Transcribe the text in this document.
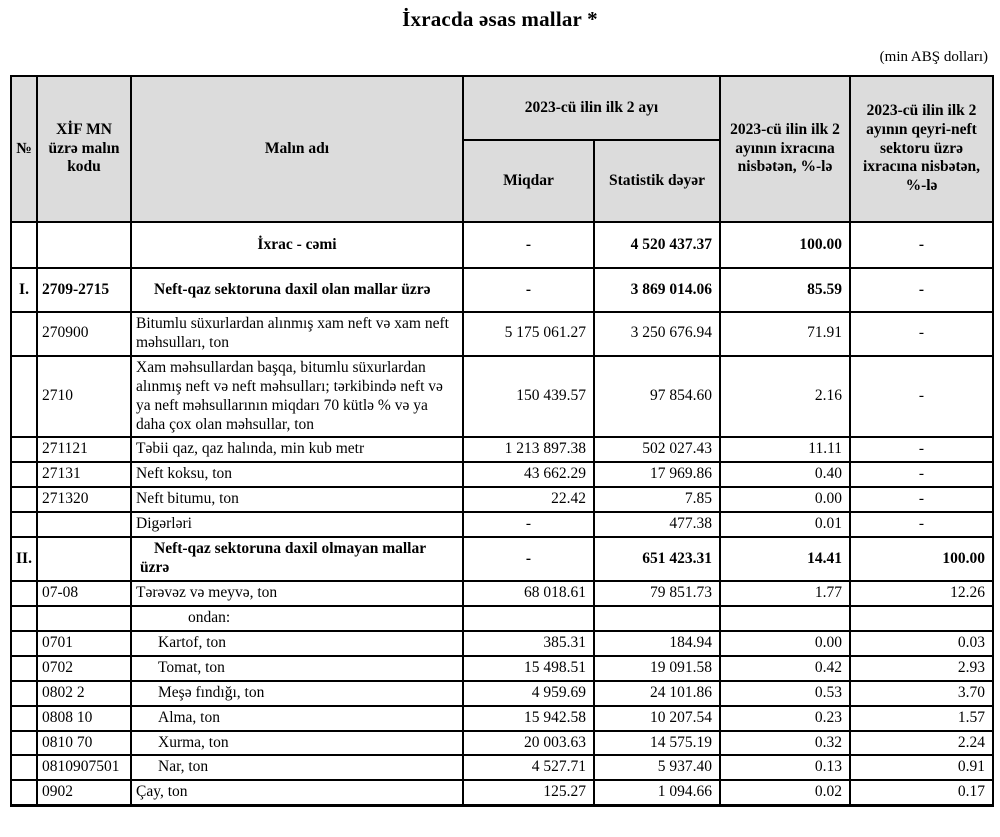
İxracda əsas mallar *
(min ABŞ dolları)
№	XİF MN üzrə malın kodu	Malın adı	2023-cü ilin ilk 2 ayı		2023-cü ilin ilk 2 ayının ixracına nisbətən, %-lə	2023-cü ilin ilk 2 ayının qeyri-neft sektoru üzrə ixracına nisbətən, %-lə
			Miqdar	Statistik dəyər		
		İxrac - cəmi	-	4 520 437.37	100.00	-
I.	2709-2715	Neft-qaz sektoruna daxil olan mallar üzrə	-	3 869 014.06	85.59	-
	270900	Bitumlu süxurlardan alınmış xam neft və xam neft məhsulları, ton	5 175 061.27	3 250 676.94	71.91	-
	2710	Xam məhsullardan başqa, bitumlu süxurlardan alınmış neft və neft məhsulları; tərkibində neft və ya neft məhsullarının miqdarı 70 kütlə % və ya daha çox olan məhsullar, ton	150 439.57	97 854.60	2.16	-
	271121	Təbii qaz, qaz halında, min kub metr	1 213 897.38	502 027.43	11.11	-
	27131	Neft koksu, ton	43 662.29	17 969.86	0.40	-
	271320	Neft bitumu, ton	22.42	7.85	0.00	-
		Digərləri	-	477.38	0.01	-
II.		Neft-qaz sektoruna daxil olmayan mallar üzrə	-	651 423.31	14.41	100.00
	07-08	Tərəvəz və meyvə, ton	68 018.61	79 851.73	1.77	12.26
		ondan:				
	0701	Kartof, ton	385.31	184.94	0.00	0.03
	0702	Tomat, ton	15 498.51	19 091.58	0.42	2.93
	0802 2	Meşə fındığı, ton	4 959.69	24 101.86	0.53	3.70
	0808 10	Alma, ton	15 942.58	10 207.54	0.23	1.57
	0810 70	Xurma, ton	20 003.63	14 575.19	0.32	2.24
	0810907501	Nar, ton	4 527.71	5 937.40	0.13	0.91
	0902	Çay, ton	125.27	1 094.66	0.02	0.17
